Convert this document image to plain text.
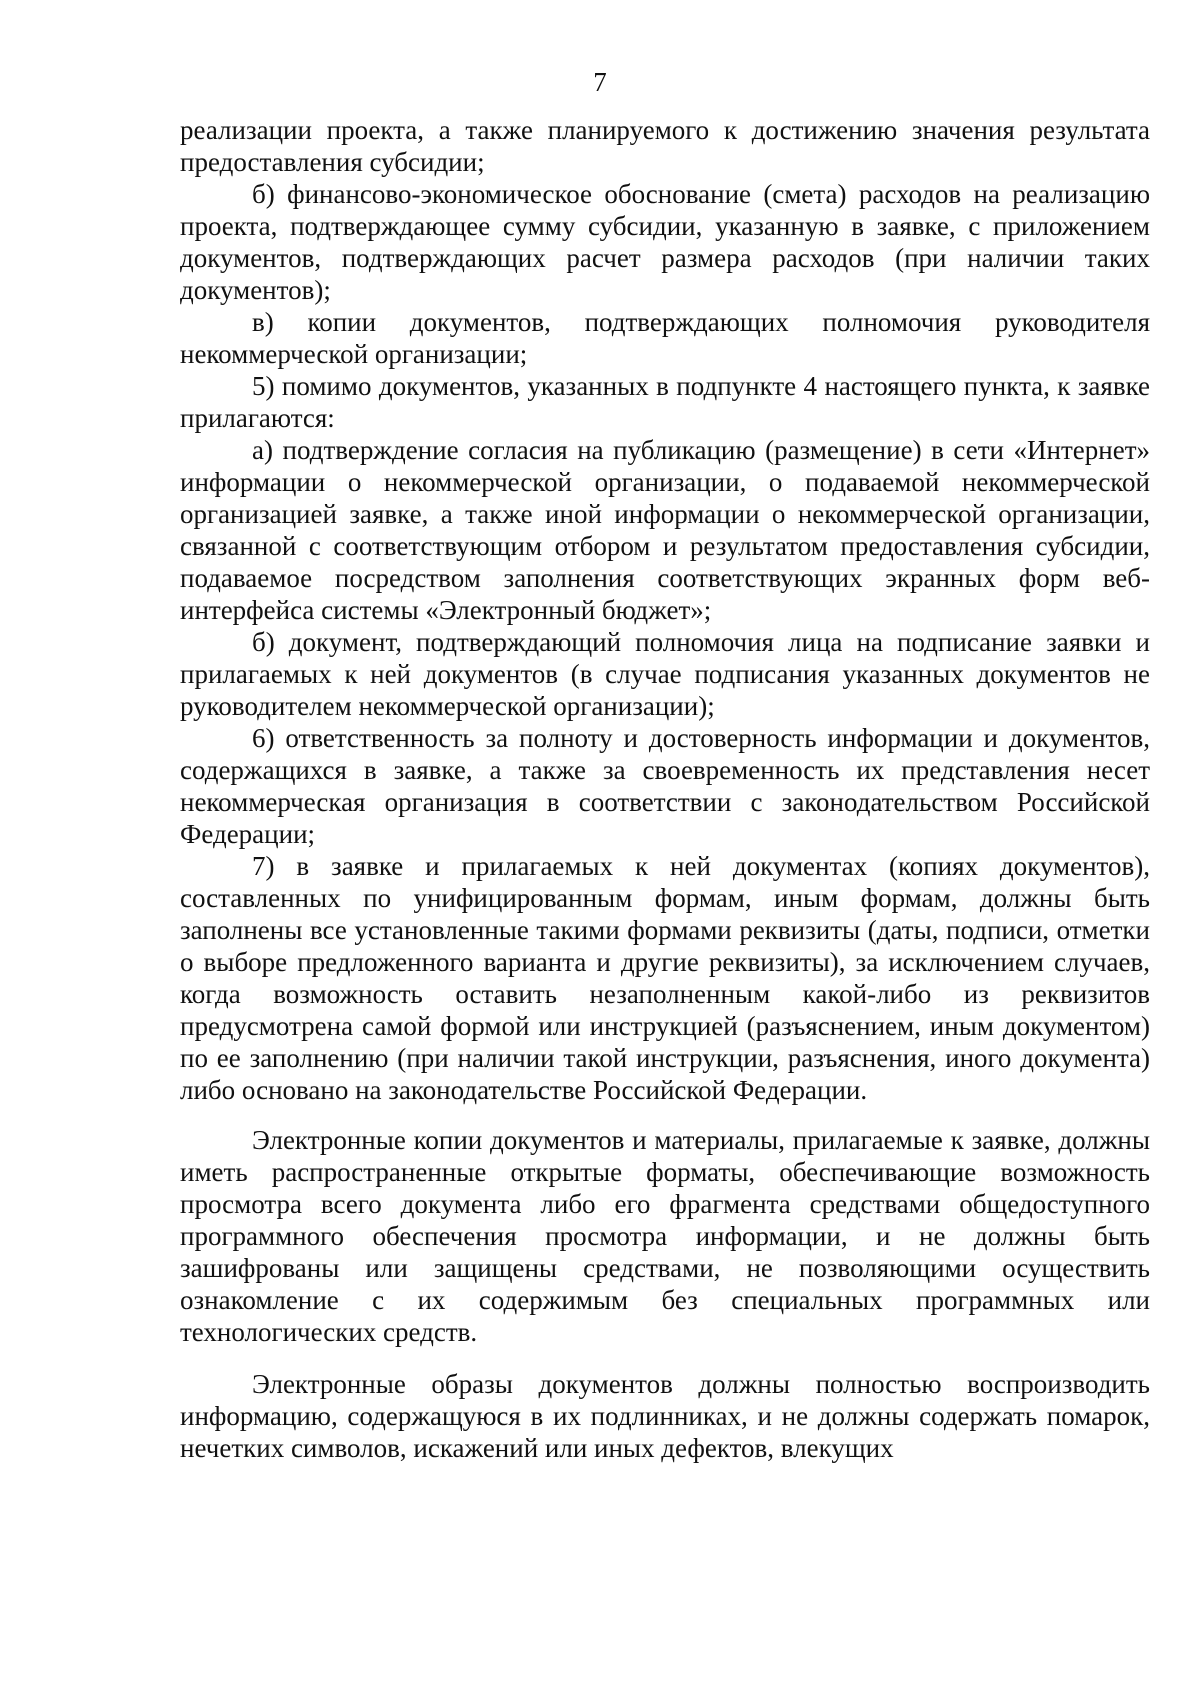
7

реализации проекта, а также планируемого к достижению значения результата предоставления субсидии;

б) финансово-экономическое обоснование (смета) расходов на реализацию проекта, подтверждающее сумму субсидии, указанную в заявке, с приложением документов, подтверждающих расчет размера расходов (при наличии таких документов);

в) копии документов, подтверждающих полномочия руководителя некоммерческой организации;

5) помимо документов, указанных в подпункте 4 настоящего пункта, к заявке прилагаются:

а) подтверждение согласия на публикацию (размещение) в сети «Интернет» информации о некоммерческой организации, о подаваемой некоммерческой организацией заявке, а также иной информации о некоммерческой организации, связанной с соответствующим отбором и результатом предоставления субсидии, подаваемое посредством заполнения соответствующих экранных форм веб-интерфейса системы «Электронный бюджет»;

б) документ, подтверждающий полномочия лица на подписание заявки и прилагаемых к ней документов (в случае подписания указанных документов не руководителем некоммерческой организации);

6) ответственность за полноту и достоверность информации и документов, содержащихся в заявке, а также за своевременность их представления несет некоммерческая организация в соответствии с законодательством Российской Федерации;

7) в заявке и прилагаемых к ней документах (копиях документов), составленных по унифицированным формам, иным формам, должны быть заполнены все установленные такими формами реквизиты (даты, подписи, отметки о выборе предложенного варианта и другие реквизиты), за исключением случаев, когда возможность оставить незаполненным какой-либо из реквизитов предусмотрена самой формой или инструкцией (разъяснением, иным документом) по ее заполнению (при наличии такой инструкции, разъяснения, иного документа) либо основано на законодательстве Российской Федерации.

Электронные копии документов и материалы, прилагаемые к заявке, должны иметь распространенные открытые форматы, обеспечивающие возможность просмотра всего документа либо его фрагмента средствами общедоступного программного обеспечения просмотра информации, и не должны быть зашифрованы или защищены средствами, не позволяющими осуществить ознакомление с их содержимым без специальных программных или технологических средств.

Электронные образы документов должны полностью воспроизводить информацию, содержащуюся в их подлинниках, и не должны содержать помарок, нечетких символов, искажений или иных дефектов, влекущих
